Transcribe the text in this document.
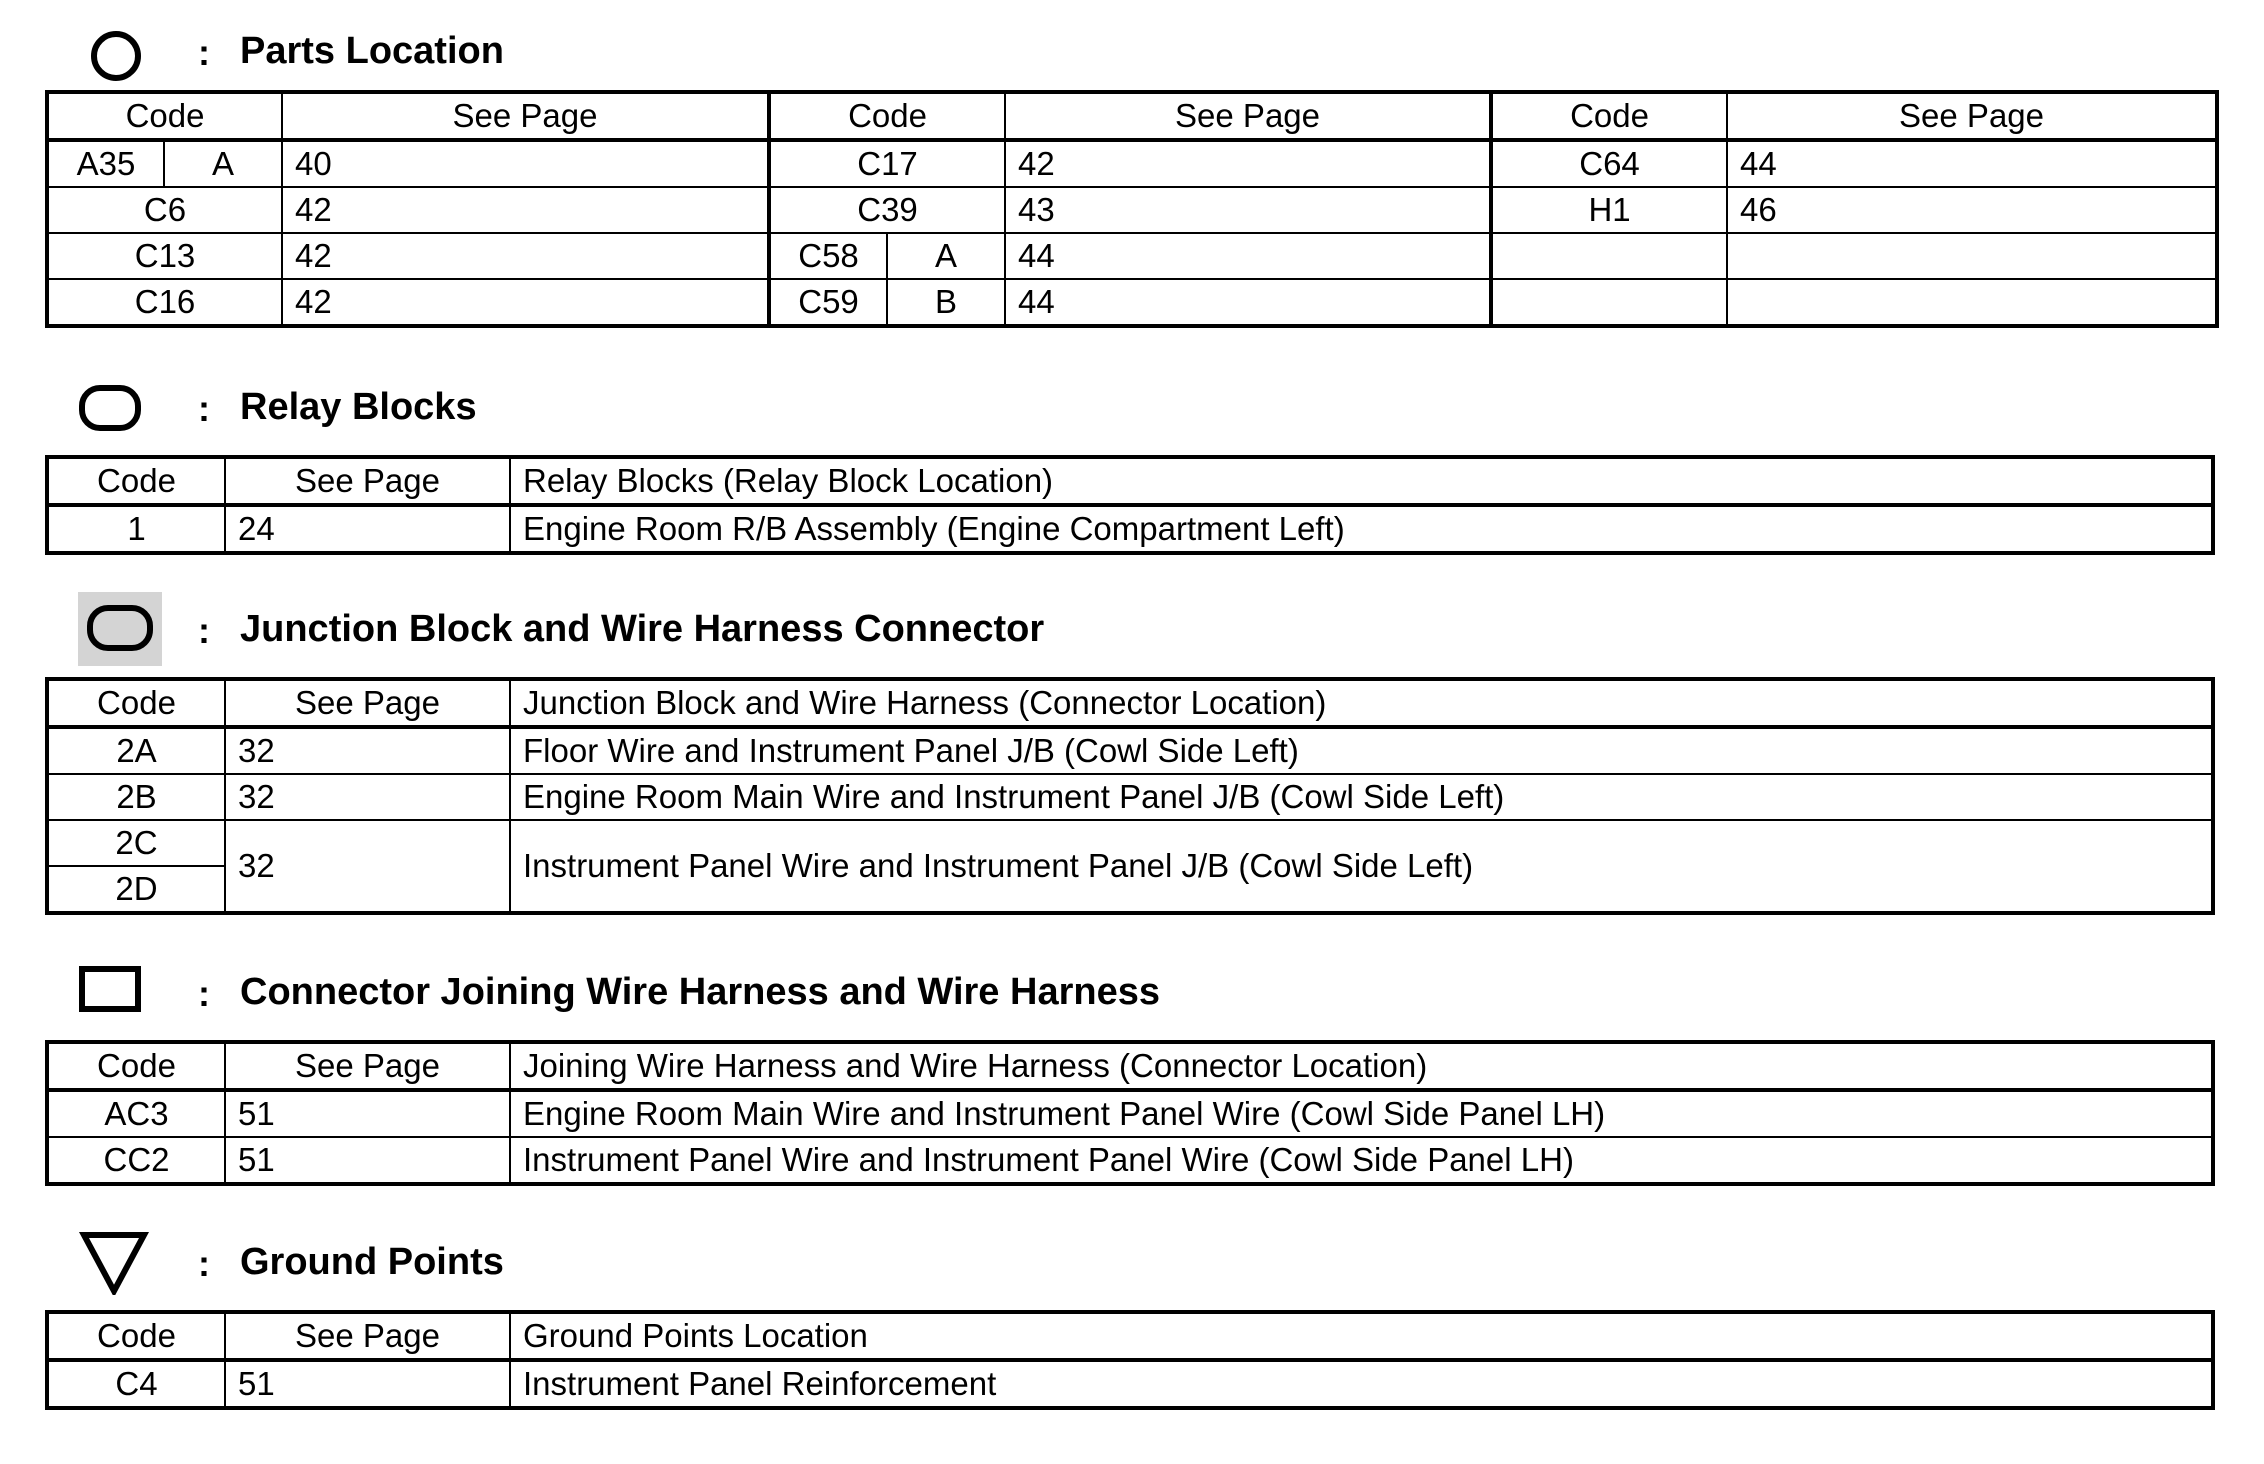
: Parts Location
Code		See Page	Code		See Page	Code	See Page
A35	A	40	C17		42	C64	44
C6		42	C39		43	H1	46
C13		42	C58	A	44		
C16		42	C59	B	44		
: Relay Blocks
Code	See Page	Relay Blocks (Relay Block Location)
1	24	Engine Room R/B Assembly (Engine Compartment Left)
: Junction Block and Wire Harness Connector
Code	See Page	Junction Block and Wire Harness (Connector Location)
2A	32	Floor Wire and Instrument Panel J/B (Cowl Side Left)
2B	32	Engine Room Main Wire and Instrument Panel J/B (Cowl Side Left)
2C	32	Instrument Panel Wire and Instrument Panel J/B (Cowl Side Left)
2D		
: Connector Joining Wire Harness and Wire Harness
Code	See Page	Joining Wire Harness and Wire Harness (Connector Location)
AC3	51	Engine Room Main Wire and Instrument Panel Wire (Cowl Side Panel LH)
CC2	51	Instrument Panel Wire and Instrument Panel Wire (Cowl Side Panel LH)
: Ground Points
Code	See Page	Ground Points Location
C4	51	Instrument Panel Reinforcement
